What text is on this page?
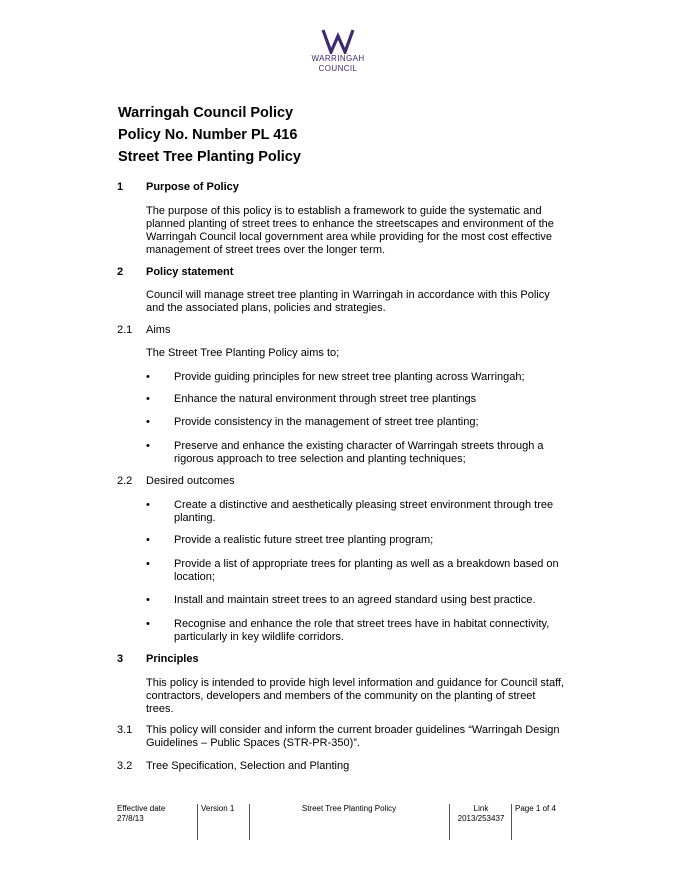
WARRINGAH
COUNCIL
Warringah Council Policy
Policy No. Number PL 416
Street Tree Planting Policy
1	Purpose of Policy
The purpose of this policy is to establish a framework to guide the systematic and planned planting of street trees to enhance the streetscapes and environment of the Warringah Council local government area while providing for the most cost effective management of street trees over the longer term.
2	Policy statement
Council will manage street tree planting in Warringah in accordance with this Policy and the associated plans, policies and strategies.
2.1 Aims
The Street Tree Planting Policy aims to;
• Provide guiding principles for new street tree planting across Warringah;
• Enhance the natural environment through street tree plantings
• Provide consistency in the management of street tree planting;
• Preserve and enhance the existing character of Warringah streets through a rigorous approach to tree selection and planting techniques;
2.2 Desired outcomes
• Create a distinctive and aesthetically pleasing street environment through tree planting.
• Provide a realistic future street tree planting program;
• Provide a list of appropriate trees for planting as well as a breakdown based on location;
• Install and maintain street trees to an agreed standard using best practice.
• Recognise and enhance the role that street trees have in habitat connectivity, particularly in key wildlife corridors.
3	Principles
This policy is intended to provide high level information and guidance for Council staff, contractors, developers and members of the community on the planting of street trees.
3.1 This policy will consider and inform the current broader guidelines “Warringah Design Guidelines – Public Spaces (STR-PR-350)”.
3.2 Tree Specification, Selection and Planting
Effective date
27/8/13
Version 1	Street Tree Planting Policy	Link
2013/253437
Page 1 of 4
